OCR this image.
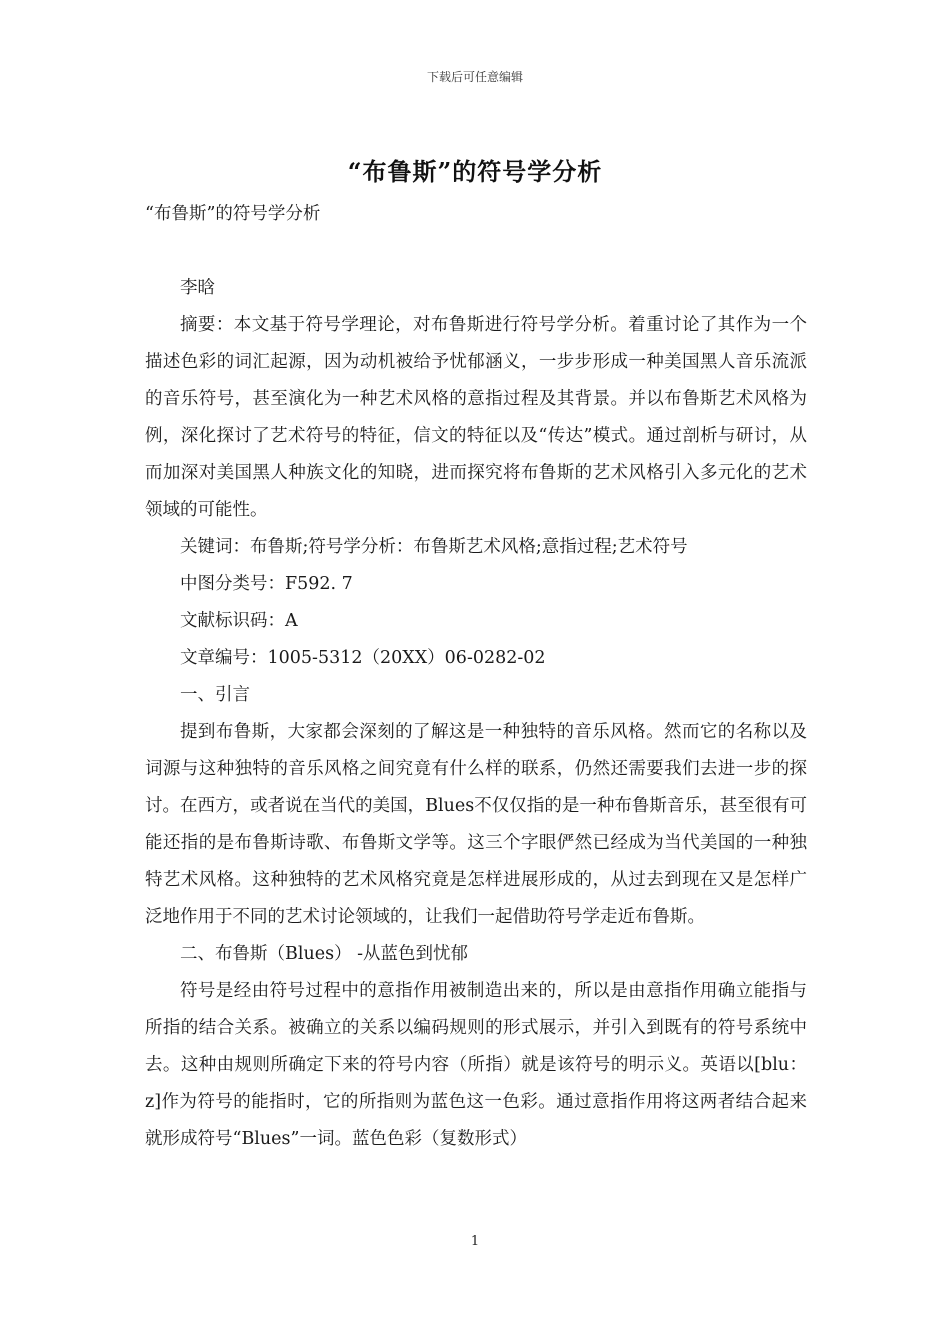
下载后可任意编辑
“布鲁斯”的符号学分析

“布鲁斯”的符号学分析

李晗

摘要：本文基于符号学理论，对布鲁斯进行符号学分析。着重讨论了其作为一个描述色彩的词汇起源，因为动机被给予忧郁涵义，一步步形成一种美国黑人音乐流派的音乐符号，甚至演化为一种艺术风格的意指过程及其背景。并以布鲁斯艺术风格为例，深化探讨了艺术符号的特征，信文的特征以及“传达”模式。通过剖析与研讨，从而加深对美国黑人种族文化的知晓，进而探究将布鲁斯的艺术风格引入多元化的艺术领域的可能性。

关键词：布鲁斯;符号学分析：布鲁斯艺术风格;意指过程;艺术符号

中图分类号：F592. 7

文献标识码：A

文章编号：1005-5312（20XX）06-0282-02

一、引言

提到布鲁斯，大家都会深刻的了解这是一种独特的音乐风格。然而它的名称以及词源与这种独特的音乐风格之间究竟有什么样的联系，仍然还需要我们去进一步的探讨。在西方，或者说在当代的美国，Blues不仅仅指的是一种布鲁斯音乐，甚至很有可能还指的是布鲁斯诗歌、布鲁斯文学等。这三个字眼俨然已经成为当代美国的一种独特艺术风格。这种独特的艺术风格究竟是怎样进展形成的，从过去到现在又是怎样广泛地作用于不同的艺术讨论领域的，让我们一起借助符号学走近布鲁斯。

二、布鲁斯（Blues） -从蓝色到忧郁

符号是经由符号过程中的意指作用被制造出来的，所以是由意指作用确立能指与所指的结合关系。被确立的关系以编码规则的形式展示，并引入到既有的符号系统中去。这种由规则所确定下来的符号内容（所指）就是该符号的明示义。英语以[blu：z]作为符号的能指时，它的所指则为蓝色这一色彩。通过意指作用将这两者结合起来就形成符号“Blues”一词。蓝色色彩（复数形式）

1
